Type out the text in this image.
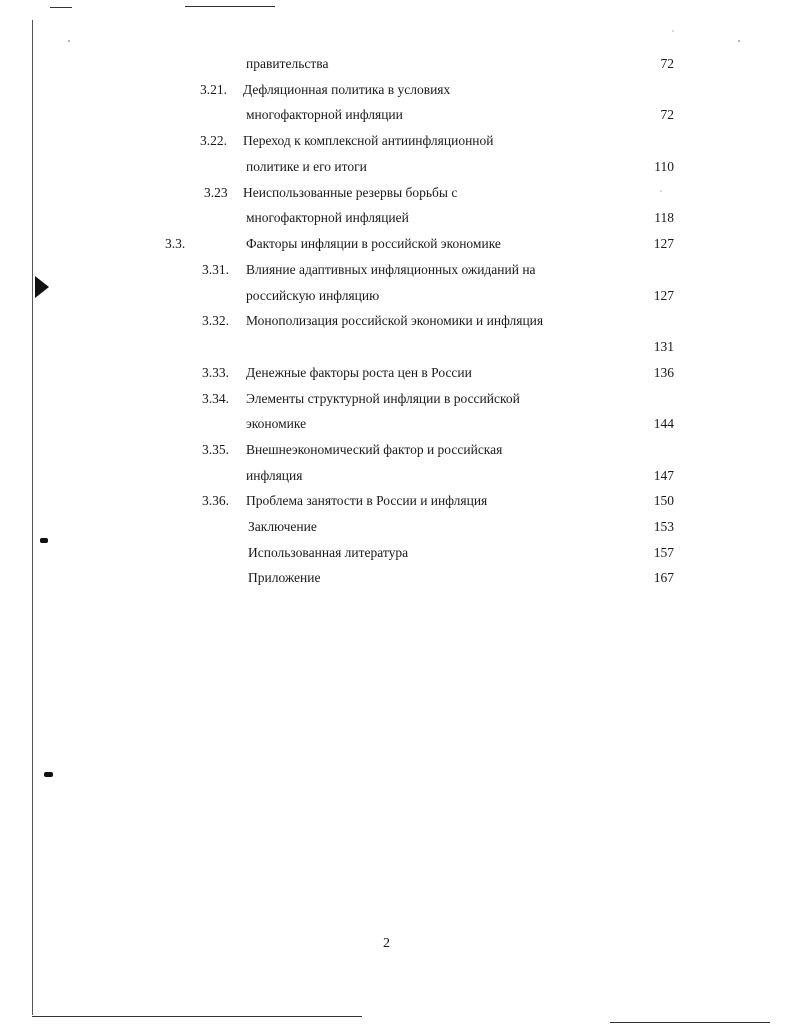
правительства	72
3.21. Дефляционная политика в условиях
многофакторной инфляции	72
3.22. Переход к комплексной антиинфляционной
политике и его итоги	110
3.23 Неиспользованные резервы борьбы с
многофакторной инфляцией	118
3.3.	Факторы инфляции в российской экономике	127
3.31. Влияние адаптивных инфляционных ожиданий на
российскую инфляцию	127
3.32. Монополизация российской экономики и инфляция
131
3.33. Денежные факторы роста цен в России	136
3.34. Элементы структурной инфляции в российской
экономике	144
3.35. Внешнеэкономический фактор и российская
инфляция	147
3.36. Проблема занятости в России и инфляция	150
Заключение	153
Использованная литература	157
Приложение	167
2
